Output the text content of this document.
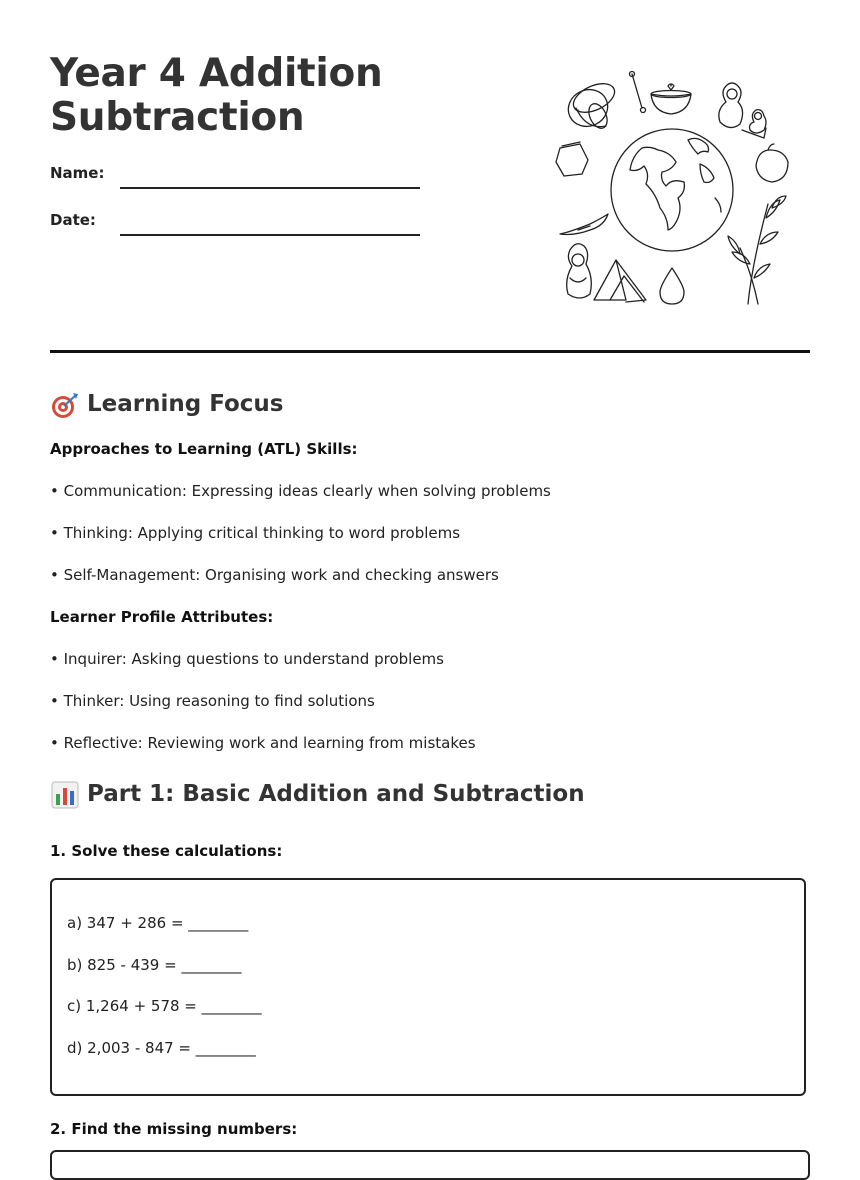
Year 4 Addition Subtraction
Name:
Date:
Learning Focus

Approaches to Learning (ATL) Skills:

• Communication: Expressing ideas clearly when solving problems

• Thinking: Applying critical thinking to word problems

• Self-Management: Organising work and checking answers

Learner Profile Attributes:

• Inquirer: Asking questions to understand problems

• Thinker: Using reasoning to find solutions

• Reflective: Reviewing work and learning from mistakes

Part 1: Basic Addition and Subtraction

1. Solve these calculations:

a) 347 + 286 = ________
b) 825 - 439 = ________
c) 1,264 + 578 = ________
d) 2,003 - 847 = ________

2. Find the missing numbers:
